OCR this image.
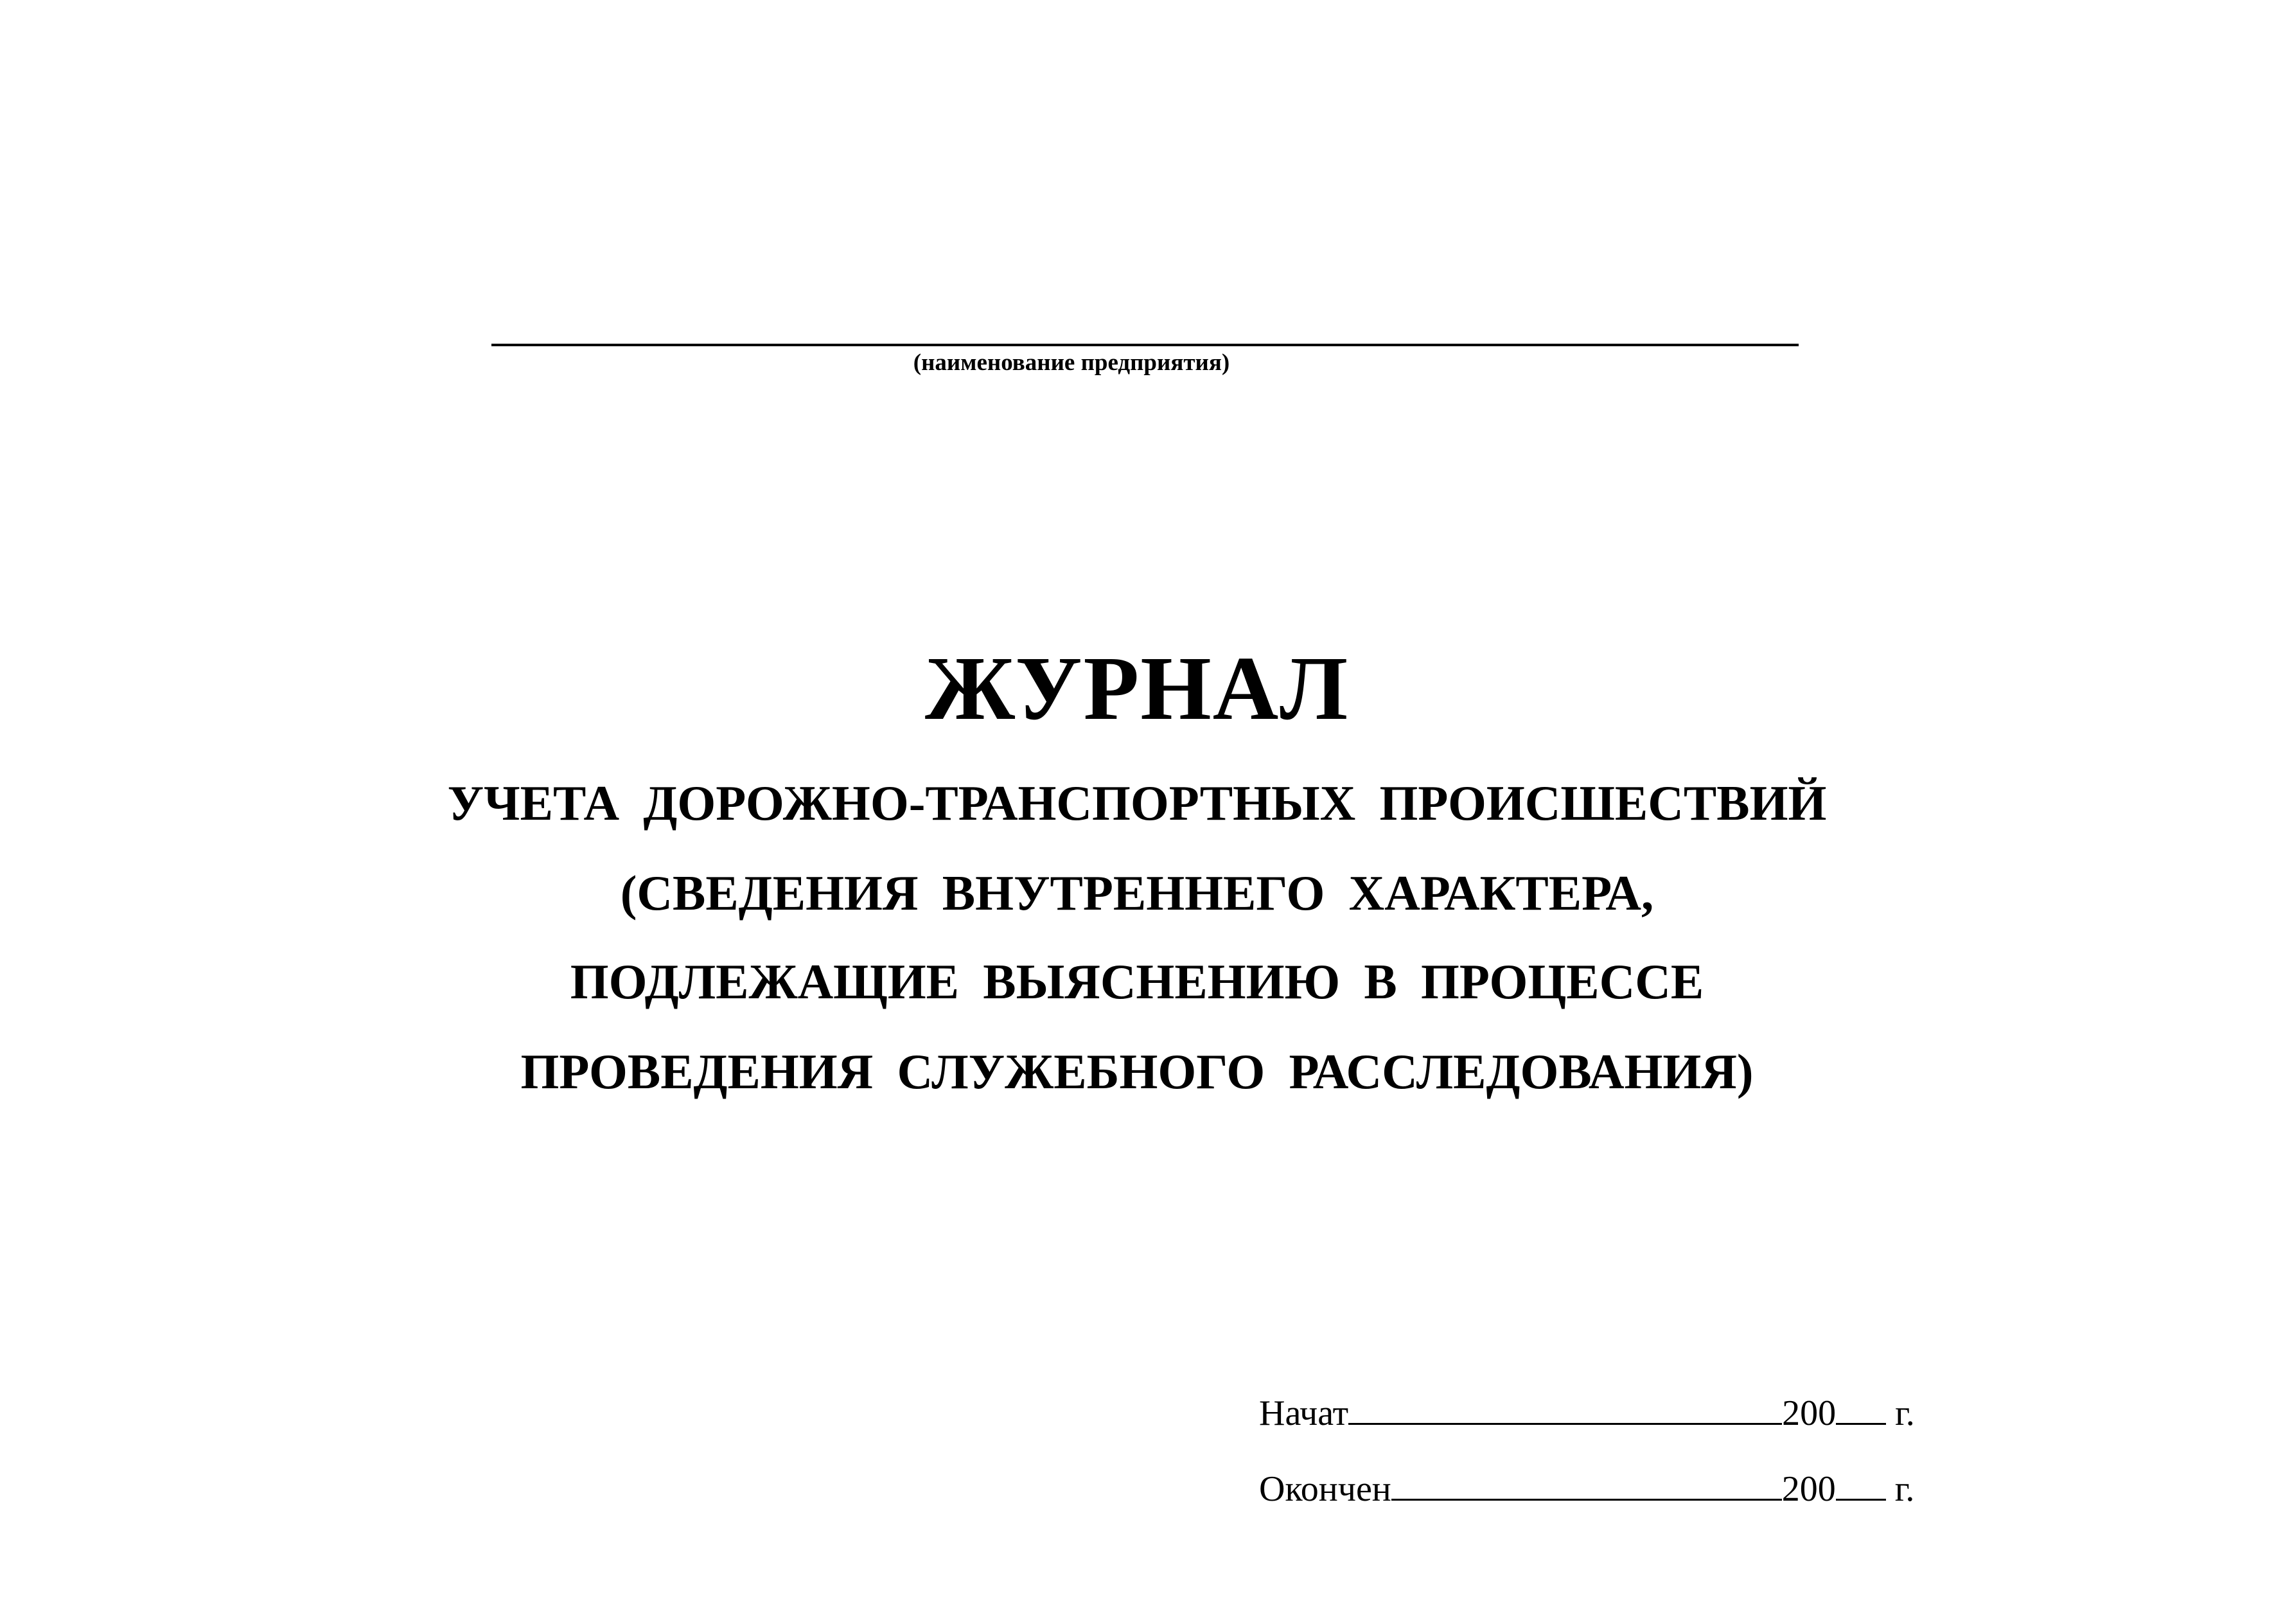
(наименование предприятия)
ЖУРНАЛ
УЧЕТА ДОРОЖНО-ТРАНСПОРТНЫХ ПРОИСШЕСТВИЙ
(СВЕДЕНИЯ ВНУТРЕННЕГО ХАРАКТЕРА,
ПОДЛЕЖАЩИЕ ВЫЯСНЕНИЮ В ПРОЦЕССЕ
ПРОВЕДЕНИЯ СЛУЖЕБНОГО РАССЛЕДОВАНИЯ)
Начат	200 г.
Окончен	200 г.
